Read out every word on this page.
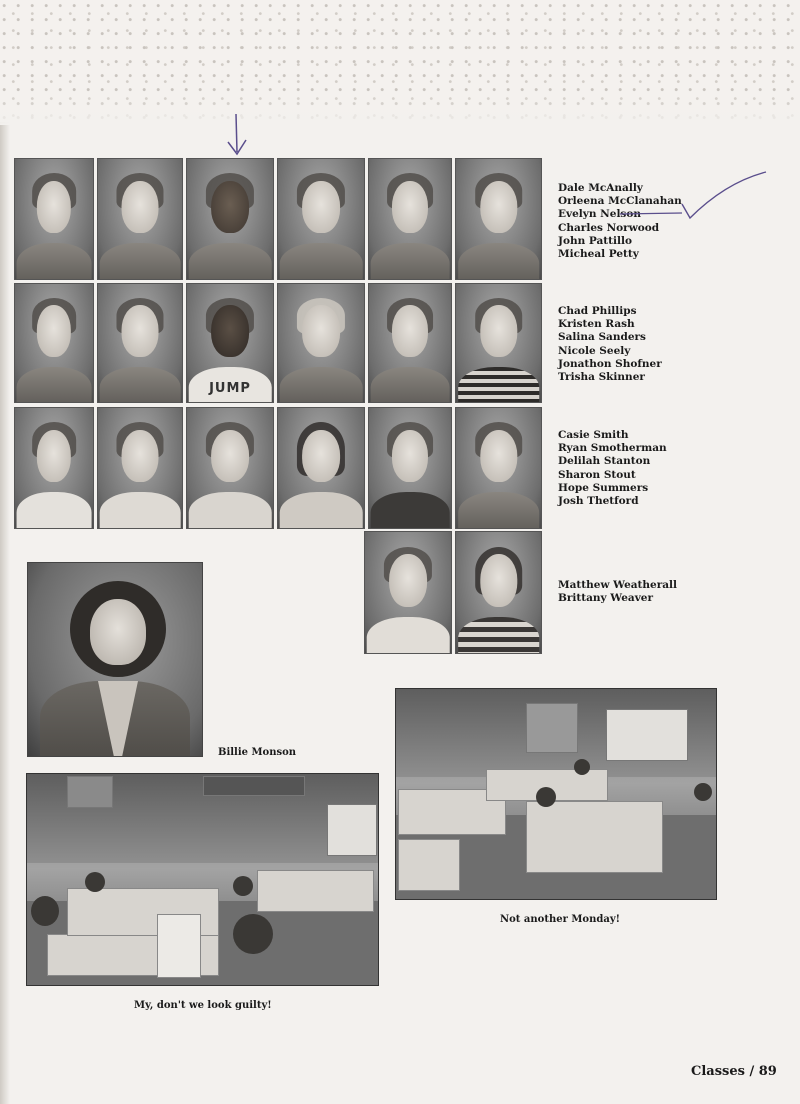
JUMP
Dale McAnally
Orleena McClanahan
Evelyn Nelson
Charles Norwood
John Pattillo
Micheal Petty
Chad Phillips
Kristen Rash
Salina Sanders
Nicole Seely
Jonathon Shofner
Trisha Skinner
Casie Smith
Ryan Smotherman
Delilah Stanton
Sharon Stout
Hope Summers
Josh Thetford
Matthew Weatherall
Brittany Weaver
Billie Monson
Not another Monday!
My, don't we look guilty!
Classes / 89
